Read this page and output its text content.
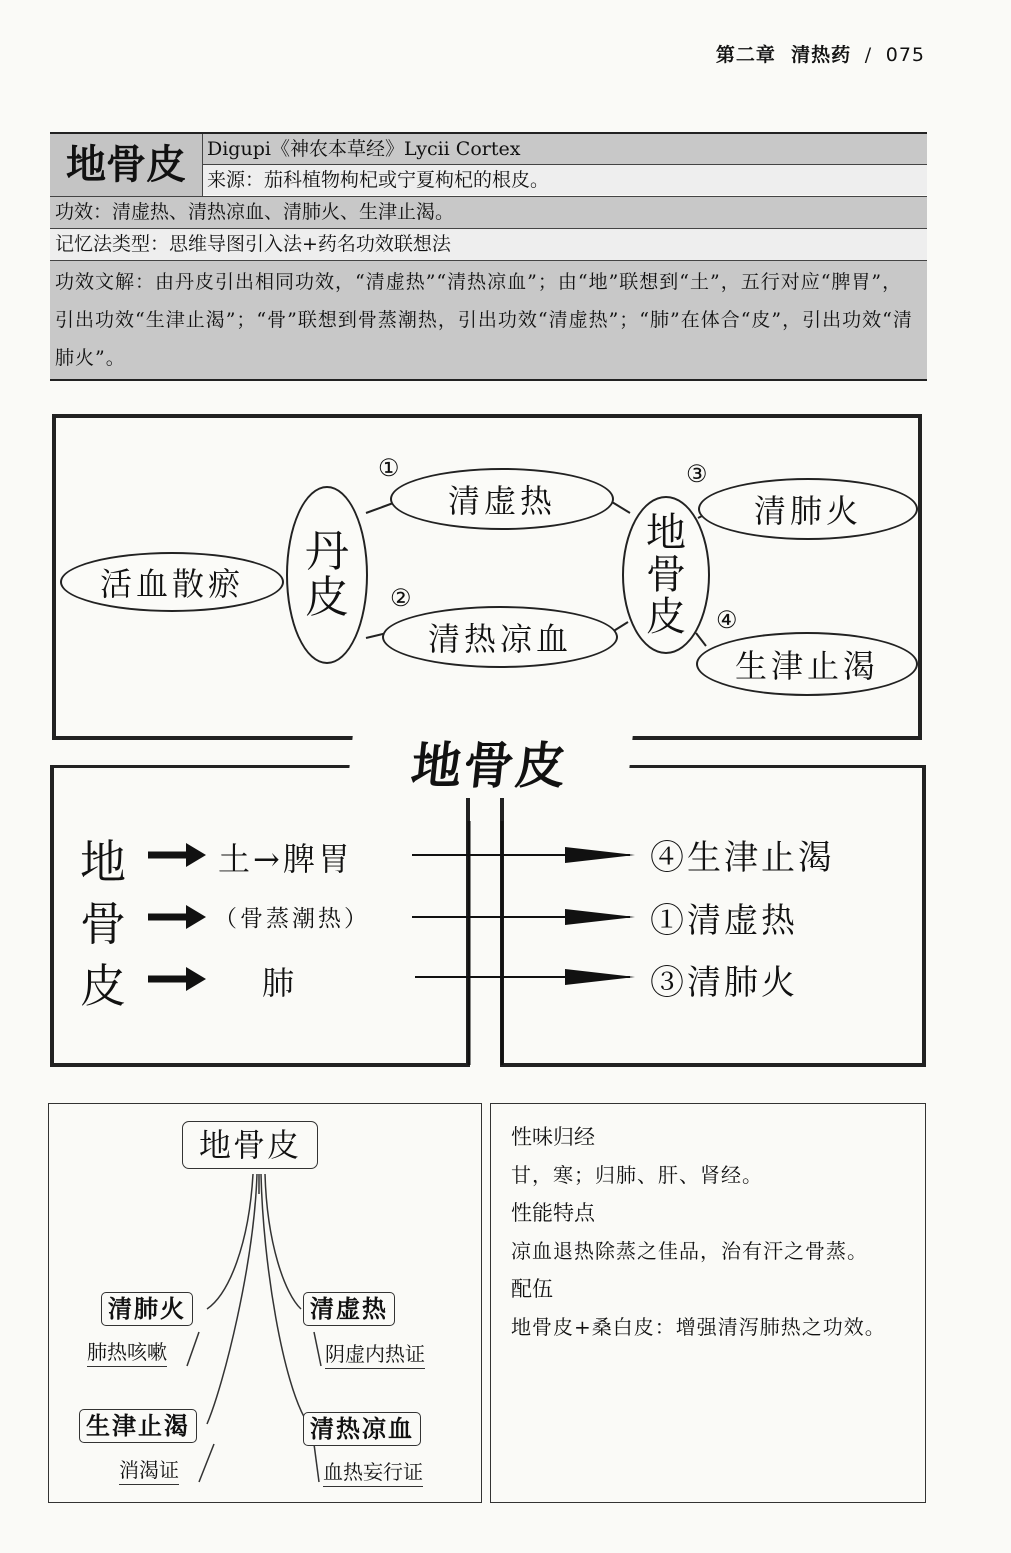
第二章 清热药 / 075
地骨皮	Digupi《神农本草经》Lycii Cortex
来源：茄科植物枸杞或宁夏枸杞的根皮。
功效：清虚热、清热凉血、清肺火、生津止渴。
记忆法类型：思维导图引入法+药名功效联想法
功效文解：由丹皮引出相同功效，“清虚热”“清热凉血”；由“地”联想到“土”，五行对应“脾胃”，引出功效“生津止渴”；“骨”联想到骨蒸潮热，引出功效“清虚热”；“肺”在体合“皮”，引出功效“清肺火”。
活血散瘀
丹
皮
①
清虚热
②
清热凉血
地
骨
皮
③
清肺火
④
生津止渴
地骨皮
地
骨
皮
土→脾胃
（骨蒸潮热）
肺
④生津止渴
①清虚热
③清肺火
地骨皮
清肺火
肺热咳嗽
清虚热
阴虚内热证
生津止渴
消渴证
清热凉血
血热妄行证
性味归经
甘，寒；归肺、肝、肾经。
性能特点
凉血退热除蒸之佳品，治有汗之骨蒸。
配伍
地骨皮+桑白皮：增强清泻肺热之功效。
